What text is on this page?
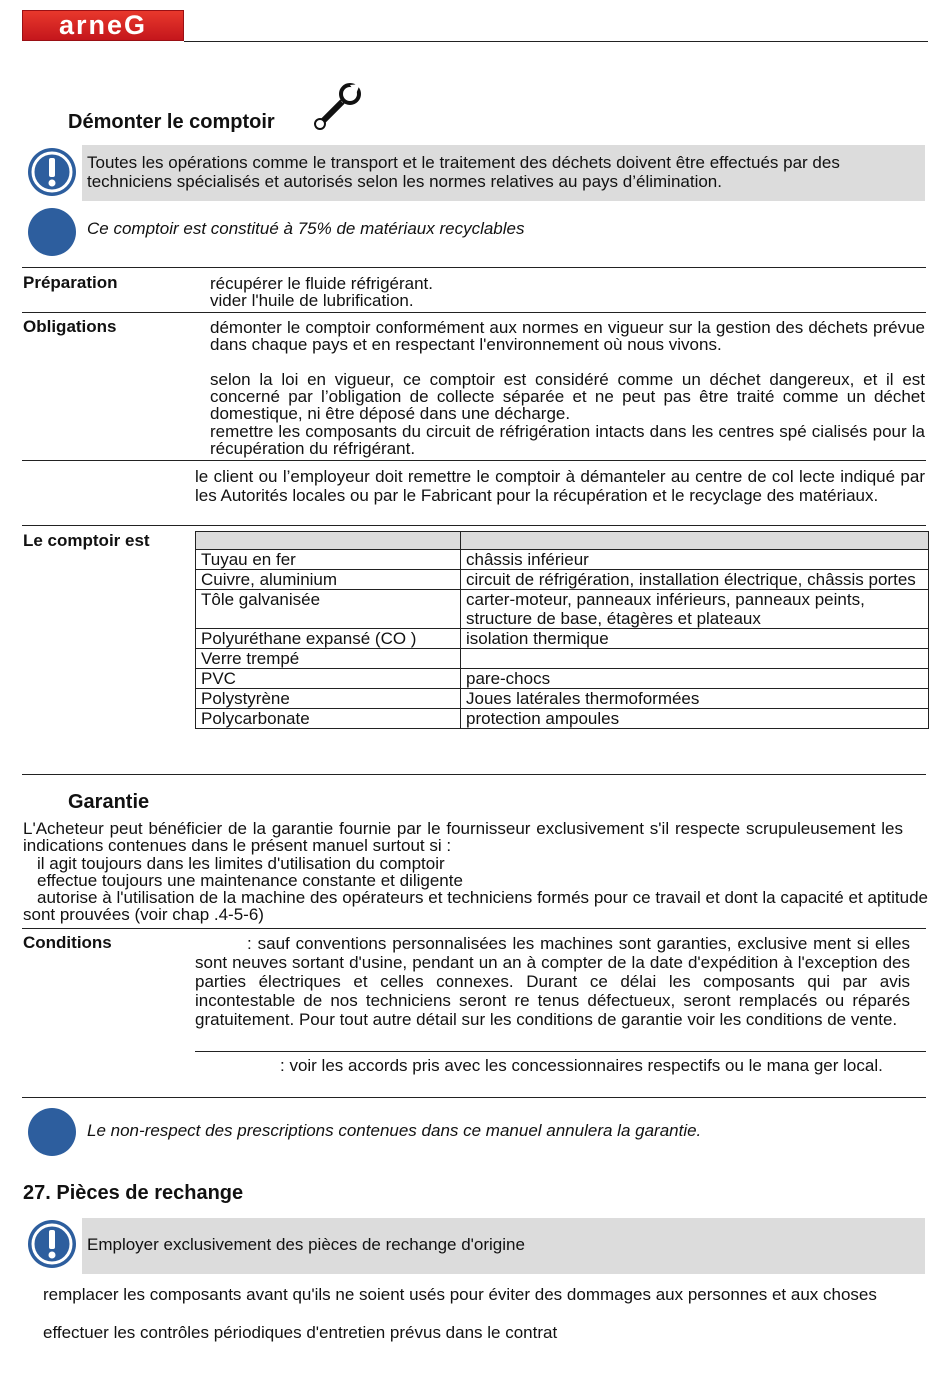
arneG
Démonter le comptoir
Toutes les opérations comme le transport et le traitement des déchets doivent être effectués par des techniciens spécialisés et autorisés selon les normes relatives au pays d’élimination.
Ce comptoir est constitué à 75% de matériaux recyclables
Préparation	récupérer le fluide réfrigérant.
vider l'huile de lubrification.
Obligations	démonter le comptoir conformément aux normes en vigueur sur la gestion des déchets prévue dans chaque pays et en respectant l'environnement où nous vivons.
selon la loi en vigueur, ce comptoir est considéré comme un déchet dangereux, et il est concerné par l’obligation de collecte séparée et ne peut pas être traité comme un déchet domestique, ni être déposé dans une décharge.
remettre les composants du circuit de réfrigération intacts dans les centres spé cialisés pour la récupération du réfrigérant.
le client ou l’employeur doit remettre le comptoir à démanteler au centre de col lecte indiqué par les Autorités locales ou par le Fabricant pour la récupération et le recyclage des matériaux.
Le comptoir est

Tuyau en fer	châssis inférieur
Cuivre, aluminium	circuit de réfrigération, installation électrique, châssis portes
Tôle galvanisée	carter-moteur, panneaux inférieurs, panneaux peints, structure de base, étagères et plateaux
Polyuréthane expansé (CO )	isolation thermique
Verre trempé	
PVC	pare-chocs
Polystyrène	Joues latérales thermoformées
Polycarbonate	protection ampoules
Garantie
L'Acheteur peut bénéficier de la garantie fournie par le fournisseur exclusivement s'il respecte scrupuleusement les indications contenues dans le présent manuel surtout si :
il agit toujours dans les limites d'utilisation du comptoir
effectue toujours une maintenance constante et diligente
autorise à l'utilisation de la machine des opérateurs et techniciens formés pour ce travail et dont la capacité et aptitude sont prouvées (voir chap .4-5-6)
Conditions	: sauf conventions personnalisées les machines sont garanties, exclusive ment si elles sont neuves sortant d'usine, pendant un an à compter de la date d'expédition à l'exception des parties électriques et celles connexes. Durant ce délai les composants qui par avis incontestable de nos techniciens seront re tenus défectueux, seront remplacés ou réparés gratuitement. Pour tout autre détail sur les conditions de garantie voir les conditions de vente.
: voir les accords pris avec les concessionnaires respectifs ou le mana ger local.
Le non-respect des prescriptions contenues dans ce manuel annulera la garantie.
27. Pièces de rechange
Employer exclusivement des pièces de rechange d'origine
remplacer les composants avant qu'ils ne soient usés pour éviter des dommages aux personnes et aux choses
effectuer les contrôles périodiques d'entretien prévus dans le contrat
